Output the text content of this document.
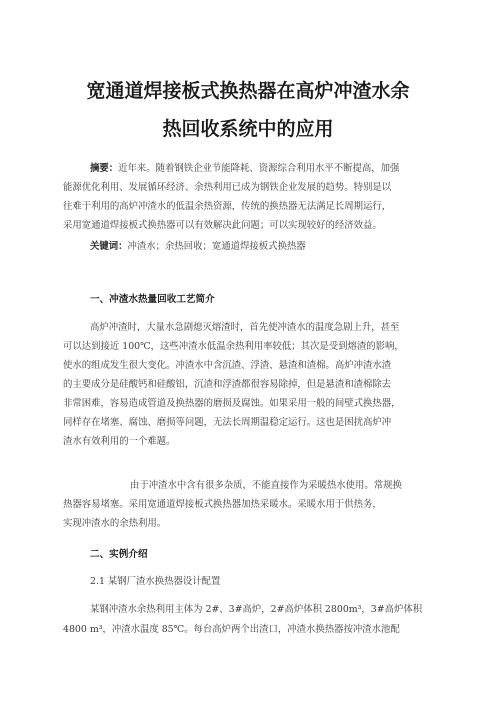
宽通道焊接板式换热器在高炉冲渣水余
热回收系统中的应用
摘要：近年来。随着钢铁企业节能降耗、资源综合利用水平不断提高，加强
能源优化利用、发展循环经济、余热利用已成为钢铁企业发展的趋势。特别是以
往难于利用的高炉冲渣水的低温余热资源，传统的换热器无法满足长周期运行，
采用宽通道焊接板式换热器可以有效解决此问题；可以实现较好的经济效益。
关键词：冲渣水；余热回收；宽通道焊接板式换热器
一、冲渣水热量回收工艺简介
高炉冲渣时，大量水急剧熄灭熔渣时，首先使冲渣水的温度急剧上升，甚至
可以达到接近 100℃，这些冲渣水低温余热利用率较低；其次是受到熔渣的影响，
使水的组成发生很大变化。冲渣水中含沉渣、浮渣、悬渣和渣棉。高炉冲渣水渣
的主要成分是硅酸钙和硅酸铝，沉渣和浮渣都很容易除掉，但是悬渣和渣棉除去
非常困难，容易造成管道及换热器的磨损及腐蚀。如果采用一般的间壁式换热器，
同样存在堵塞、腐蚀、磨损等问题，无法长周期温稳定运行。这也是困扰高炉冲
渣水有效利用的一个难题。
由于冲渣水中含有很多杂质，不能直接作为采暖热水使用。常规换
热器容易堵塞。采用宽通道焊接板式换热器加热采暖水。采暖水用于供热务，
实现冲渣水的余热利用。
二、实例介绍
2.1 某钢厂渣水换热器设计配置
某钢冲渣水余热利用主体为 2#、3#高炉，2#高炉体积 2800m³，3#高炉体积
4800 m³，冲渣水温度 85℃。每台高炉两个出渣口，冲渣水换热器按冲渣水池配
